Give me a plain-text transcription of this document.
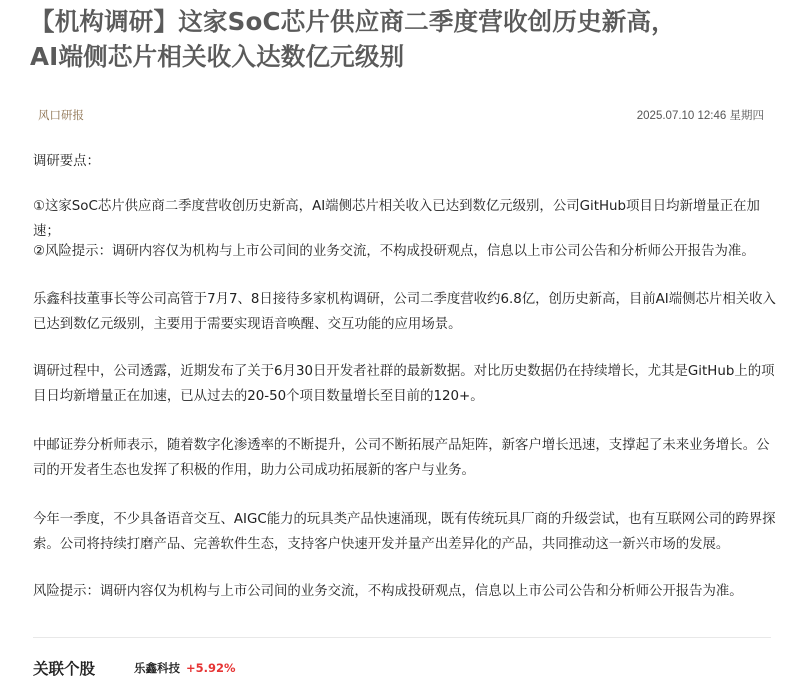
【机构调研】这家SoC芯片供应商二季度营收创历史新高，
AI端侧芯片相关收入达数亿元级别
风口研报	2025.07.10 12:46 星期四

调研要点：

①这家SoC芯片供应商二季度营收创历史新高，AI端侧芯片相关收入已达到数亿元级别，公司GitHub项目日均新增量正在加速；

②风险提示：调研内容仅为机构与上市公司间的业务交流，不构成投研观点，信息以上市公司公告和分析师公开报告为准。

乐鑫科技董事长等公司高管于7月7、8日接待多家机构调研，公司二季度营收约6.8亿，创历史新高，目前AI端侧芯片相关收入已达到数亿元级别，主要用于需要实现语音唤醒、交互功能的应用场景。

调研过程中，公司透露，近期发布了关于6月30日开发者社群的最新数据。对比历史数据仍在持续增长，尤其是GitHub上的项目日均新增量正在加速，已从过去的20-50个项目数量增长至目前的120+。

中邮证券分析师表示，随着数字化渗透率的不断提升，公司不断拓展产品矩阵，新客户增长迅速，支撑起了未来业务增长。公司的开发者生态也发挥了积极的作用，助力公司成功拓展新的客户与业务。

今年一季度，不少具备语音交互、AIGC能力的玩具类产品快速涌现，既有传统玩具厂商的升级尝试，也有互联网公司的跨界探索。公司将持续打磨产品、完善软件生态，支持客户快速开发并量产出差异化的产品，共同推动这一新兴市场的发展。

风险提示：调研内容仅为机构与上市公司间的业务交流，不构成投研观点，信息以上市公司公告和分析师公开报告为准。

关联个股	乐鑫科技 +5.92%
